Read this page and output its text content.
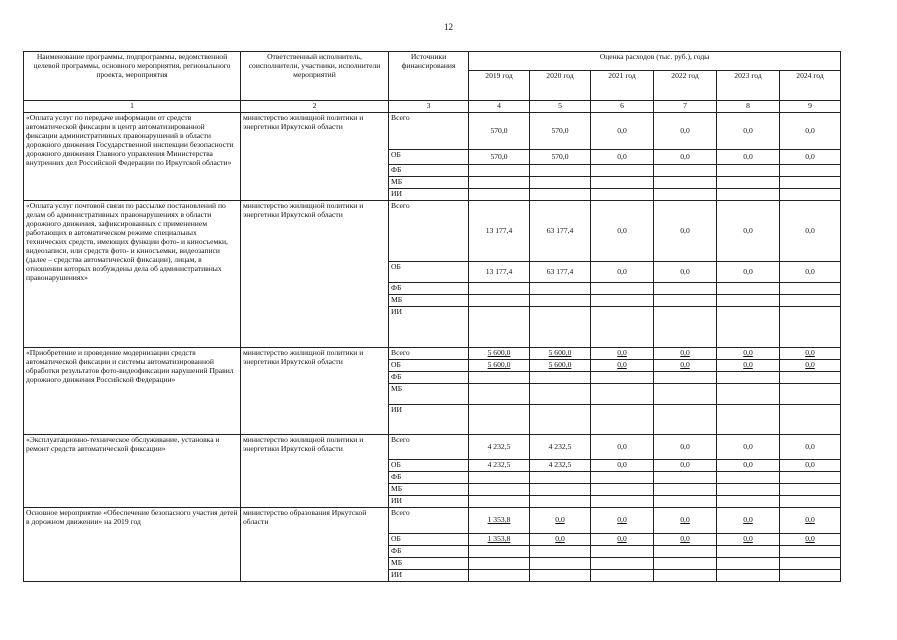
12
Наименование программы, подпрограммы, ведомственной целевой программы, основного мероприятия, регионального проекта, мероприятия	Ответственный исполнитель, соисполнители, участники, исполнители мероприятий	Источники финансирования	Оценка расходов (тыс. руб.), годы					
			2019 год	2020 год	2021 год	2022 год	2023 год	2024 год
1	2	3	4	5	6	7	8	9
«Оплата услуг по передаче информации от средств автоматической фиксации в центр автоматизированной фиксации административных правонарушений в области дорожного движения Государственной инспекции безопасности дорожного движения Главного управления Министерства внутренних дел Российской Федерации по Иркутской области»	министерство жилищной политики и энергетики Иркутской области	Всего	570,0	570,0	0,0	0,0	0,0	0,0
		ОБ	570,0	570,0	0,0	0,0	0,0	0,0
		ФБ						
		МБ						
		ИИ						
«Оплата услуг почтовой связи по рассылке постановлений по делам об административных правонарушениях в области дорожного движения, зафиксированных с применением работающих в автоматическом режиме специальных технических средств, имеющих функции фото- и киносъемки, видеозаписи, или средств фото- и киносъемки, видеозаписи (далее – средства автоматической фиксации), лицам, в отношении которых возбуждены дела об административных правонарушениях»	министерство жилищной политики и энергетики Иркутской области	Всего	13 177,4	63 177,4	0,0	0,0	0,0	0,0
		ОБ	13 177,4	63 177,4	0,0	0,0	0,0	0,0
		ФБ						
		МБ						
		ИИ						
«Приобретение и проведение модернизации средств автоматической фиксации и системы автоматизированной обработки результатов фото-видеофиксации нарушений Правил дорожного движения Российской Федерации»	министерство жилищной политики и энергетики Иркутской области	Всего	5 600,0	5 600,0	0,0	0,0	0,0	0,0
		ОБ	5 600,0	5 600,0	0,0	0,0	0,0	0,0
		ФБ						
		МБ						
		ИИ						
«Эксплуатационно-техническое обслуживание, установка и ремонт средств автоматической фиксации»	министерство жилищной политики и энергетики Иркутской области	Всего	4 232,5	4 232,5	0,0	0,0	0,0	0,0
		ОБ	4 232,5	4 232,5	0,0	0,0	0,0	0,0
		ФБ						
		МБ						
		ИИ						
Основное мероприятие «Обеспечение безопасного участия детей в дорожном движении» на 2019 год	министерство образования Иркутской области	Всего	1 353,8	0,0	0,0	0,0	0,0	0,0
		ОБ	1 353,8	0,0	0,0	0,0	0,0	0,0
		ФБ						
		МБ						
		ИИ						
